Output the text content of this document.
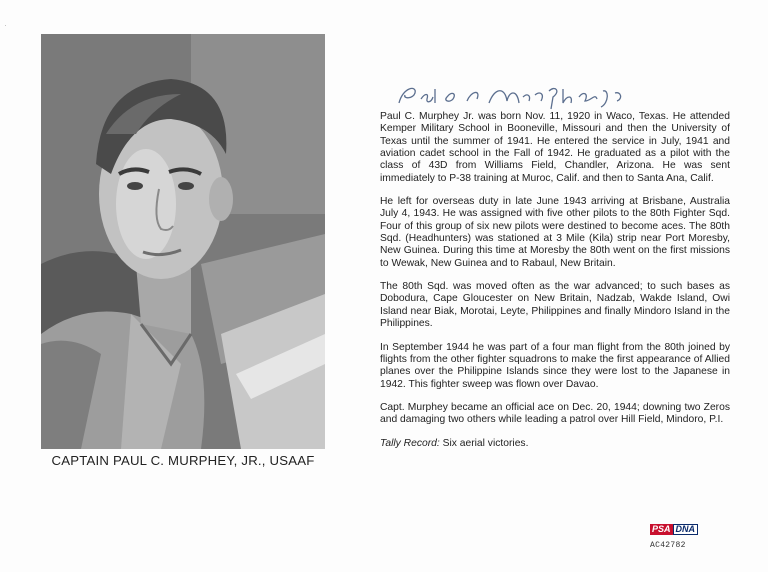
·
CAPTAIN PAUL C. MURPHEY, JR., USAAF

Paul C. Murphey Jr. was born Nov. 11, 1920 in Waco, Texas. He attended Kemper Military School in Booneville, Missouri and then the University of Texas until the summer of 1941. He entered the service in July, 1941 and aviation cadet school in the Fall of 1942. He graduated as a pilot with the class of 43D from Williams Field, Chandler, Arizona. He was sent immediately to P-38 training at Muroc, Calif. and then to Santa Ana, Calif.

He left for overseas duty in late June 1943 arriving at Brisbane, Australia July 4, 1943. He was assigned with five other pilots to the 80th Fighter Sqd. Four of this group of six new pilots were destined to become aces. The 80th Sqd. (Headhunters) was stationed at 3 Mile (Kila) strip near Port Moresby, New Guinea. During this time at Moresby the 80th went on the first missions to Wewak, New Guinea and to Rabaul, New Britain.

The 80th Sqd. was moved often as the war advanced; to such bases as Dobodura, Cape Gloucester on New Britain, Nadzab, Wakde Island, Owi Island near Biak, Morotai, Leyte, Philippines and finally Mindoro Island in the Philippines.

In September 1944 he was part of a four man flight from the 80th joined by flights from the other fighter squadrons to make the first appearance of Allied planes over the Philippine Islands since they were lost to the Japanese in 1942. This fighter sweep was flown over Davao.

Capt. Murphey became an official ace on Dec. 20, 1944; downing two Zeros and damaging two others while leading a patrol over Hill Field, Mindoro, P.I.

Tally Record: Six aerial victories.
PSA DNA
AC42782
